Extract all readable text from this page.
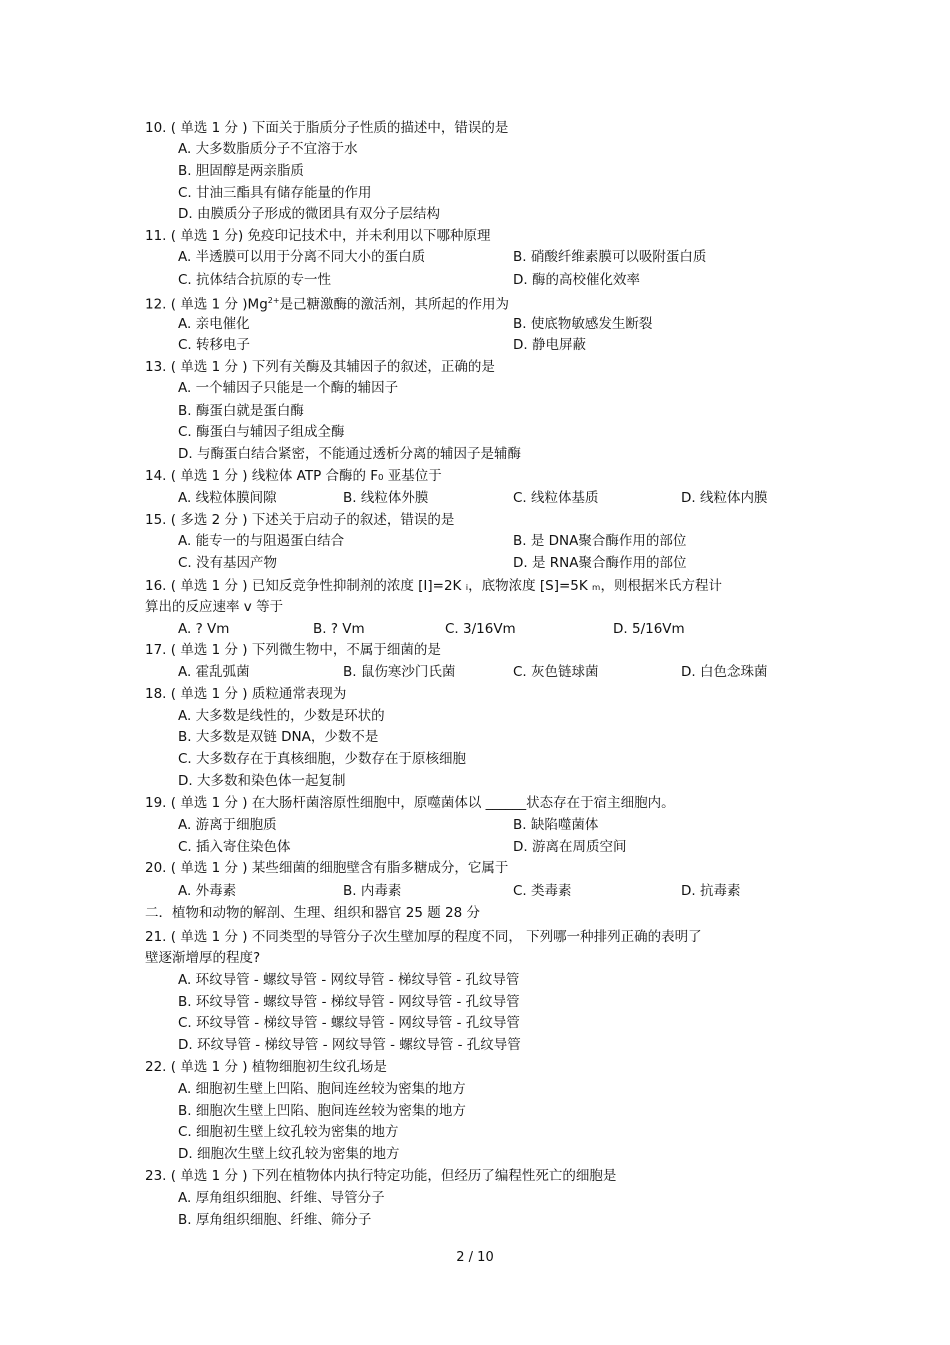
10. ( 单选 1 分 ) 下面关于脂质分子性质的描述中，错误的是
A. 大多数脂质分子不宜溶于水
B. 胆固醇是两亲脂质
C. 甘油三酯具有储存能量的作用
D. 由膜质分子形成的微团具有双分子层结构
11. ( 单选 1 分) 免疫印记技术中，并未利用以下哪种原理
A. 半透膜可以用于分离不同大小的蛋白质	B. 硝酸纤维素膜可以吸附蛋白质
C. 抗体结合抗原的专一性	D. 酶的高校催化效率
12. ( 单选 1 分 )$Mg^{2+}$是己糖激酶的激活剂，其所起的作用为
A. 亲电催化	B. 使底物敏感发生断裂
C. 转移电子	D. 静电屏蔽
13. ( 单选 1 分 ) 下列有关酶及其辅因子的叙述，正确的是
A. 一个辅因子只能是一个酶的辅因子
B. 酶蛋白就是蛋白酶
C. 酶蛋白与辅因子组成全酶
D. 与酶蛋白结合紧密，不能通过透析分离的辅因子是辅酶
14. ( 单选 1 分 ) 线粒体 ATP 合酶的 F₀ 亚基位于
A. 线粒体膜间隙	B. 线粒体外膜	C. 线粒体基质	D. 线粒体内膜
15. ( 多选 2 分 ) 下述关于启动子的叙述，错误的是
A. 能专一的与阻遏蛋白结合	B. 是 DNA聚合酶作用的部位
C. 没有基因产物	D. 是 RNA聚合酶作用的部位
16. ( 单选 1 分 ) 已知反竞争性抑制剂的浓度 [I]=2K ᵢ，底物浓度 [S]=5K ₘ，则根据米氏方程计
算出的反应速率 v 等于
A. ? Vm	B. ? Vm	C. 3/16Vm	D. 5/16Vm
17. ( 单选 1 分 ) 下列微生物中，不属于细菌的是
A. 霍乱弧菌	B. 鼠伤寒沙门氏菌	C. 灰色链球菌	D. 白色念珠菌
18. ( 单选 1 分 ) 质粒通常表现为
A. 大多数是线性的，少数是环状的
B. 大多数是双链 DNA，少数不是
C. 大多数存在于真核细胞，少数存在于原核细胞
D. 大多数和染色体一起复制
19. ( 单选 1 分 ) 在大肠杆菌溶原性细胞中，原噬菌体以 ______状态存在于宿主细胞内。
A. 游离于细胞质	B. 缺陷噬菌体
C. 插入寄住染色体	D. 游离在周质空间
20. ( 单选 1 分 ) 某些细菌的细胞壁含有脂多糖成分，它属于
A. 外毒素	B. 内毒素	C. 类毒素	D. 抗毒素
二．植物和动物的解剖、生理、组织和器官 25 题 28 分
21. ( 单选 1 分 ) 不同类型的导管分子次生壁加厚的程度不同， 下列哪一种排列正确的表明了
壁逐渐增厚的程度?
A. 环纹导管 - 螺纹导管 - 网纹导管 - 梯纹导管 - 孔纹导管
B. 环纹导管 - 螺纹导管 - 梯纹导管 - 网纹导管 - 孔纹导管
C. 环纹导管 - 梯纹导管 - 螺纹导管 - 网纹导管 - 孔纹导管
D. 环纹导管 - 梯纹导管 - 网纹导管 - 螺纹导管 - 孔纹导管
22. ( 单选 1 分 ) 植物细胞初生纹孔场是
A. 细胞初生壁上凹陷、胞间连丝较为密集的地方
B. 细胞次生壁上凹陷、胞间连丝较为密集的地方
C. 细胞初生壁上纹孔较为密集的地方
D. 细胞次生壁上纹孔较为密集的地方
23. ( 单选 1 分 ) 下列在植物体内执行特定功能，但经历了编程性死亡的细胞是
A. 厚角组织细胞、纤维、导管分子
B. 厚角组织细胞、纤维、筛分子
2 / 10
